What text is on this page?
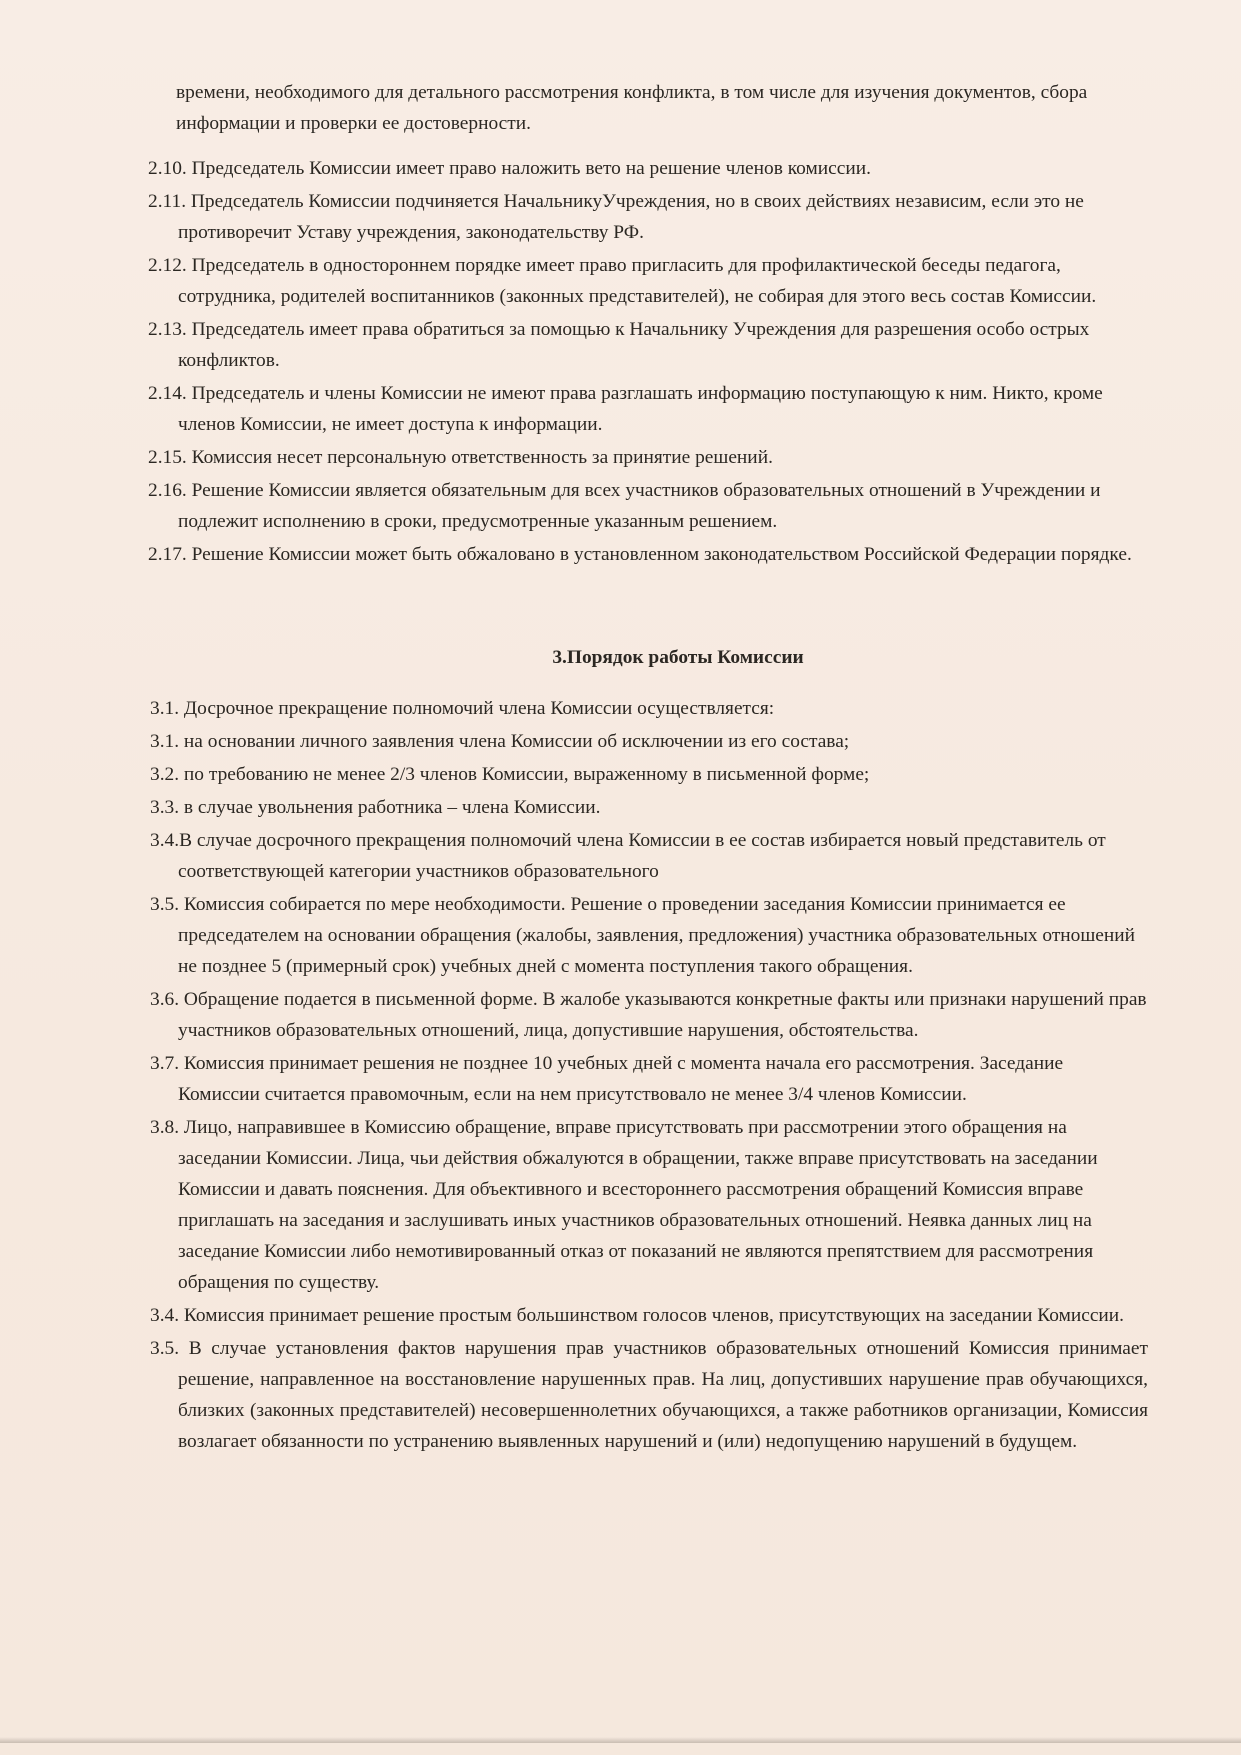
времени, необходимого для детального рассмотрения конфликта, в том числе для изучения документов, сбора информации и проверки ее достоверности.

2.10. Председатель Комиссии имеет право наложить вето на решение членов комиссии.

2.11. Председатель Комиссии подчиняется НачальникуУчреждения, но в своих действиях независим, если это не противоречит Уставу учреждения, законодательству РФ.

2.12. Председатель в одностороннем порядке имеет право пригласить для профилактической беседы педагога, сотрудника, родителей воспитанников (законных представителей), не собирая для этого весь состав Комиссии.

2.13. Председатель имеет права обратиться за помощью к Начальнику Учреждения для разрешения особо острых конфликтов.

2.14. Председатель и члены Комиссии не имеют права разглашать информацию поступающую к ним. Никто, кроме членов Комиссии, не имеет доступа к информации.

2.15. Комиссия несет персональную ответственность за принятие решений.

2.16. Решение Комиссии является обязательным для всех участников образовательных отношений в Учреждении и подлежит исполнению в сроки, предусмотренные указанным решением.

2.17. Решение Комиссии может быть обжаловано в установленном законодательством Российской Федерации порядке.

3.Порядок работы Комиссии

3.1. Досрочное прекращение полномочий члена Комиссии осуществляется:

3.1. на основании личного заявления члена Комиссии об исключении из его состава;

3.2. по требованию не менее 2/3 членов Комиссии, выраженному в письменной форме;

3.3. в случае увольнения работника – члена Комиссии.

3.4.В случае досрочного прекращения полномочий члена Комиссии в ее состав избирается новый представитель от соответствующей категории участников образовательного

3.5. Комиссия собирается по мере необходимости. Решение о проведении заседания Комиссии принимается ее председателем на основании обращения (жалобы, заявления, предложения) участника образовательных отношений не позднее 5 (примерный срок) учебных дней с момента поступления такого обращения.

3.6. Обращение подается в письменной форме. В жалобе указываются конкретные факты или признаки нарушений прав участников образовательных отношений, лица, допустившие нарушения, обстоятельства.

3.7. Комиссия принимает решения не позднее 10 учебных дней с момента начала его рассмотрения. Заседание Комиссии считается правомочным, если на нем присутствовало не менее 3/4 членов Комиссии.

3.8. Лицо, направившее в Комиссию обращение, вправе присутствовать при рассмотрении этого обращения на заседании Комиссии. Лица, чьи действия обжалуются в обращении, также вправе присутствовать на заседании Комиссии и давать пояснения. Для объективного и всестороннего рассмотрения обращений Комиссия вправе приглашать на заседания и заслушивать иных участников образовательных отношений. Неявка данных лиц на заседание Комиссии либо немотивированный отказ от показаний не являются препятствием для рассмотрения обращения по существу.

3.4. Комиссия принимает решение простым большинством голосов членов, присутствующих на заседании Комиссии.

3.5. В случае установления фактов нарушения прав участников образовательных отношений Комиссия принимает решение, направленное на восстановление нарушенных прав. На лиц, допустивших нарушение прав обучающихся, близких (законных представителей) несовершеннолетних обучающихся, а также работников организации, Комиссия возлагает обязанности по устранению выявленных нарушений и (или) недопущению нарушений в будущем.
